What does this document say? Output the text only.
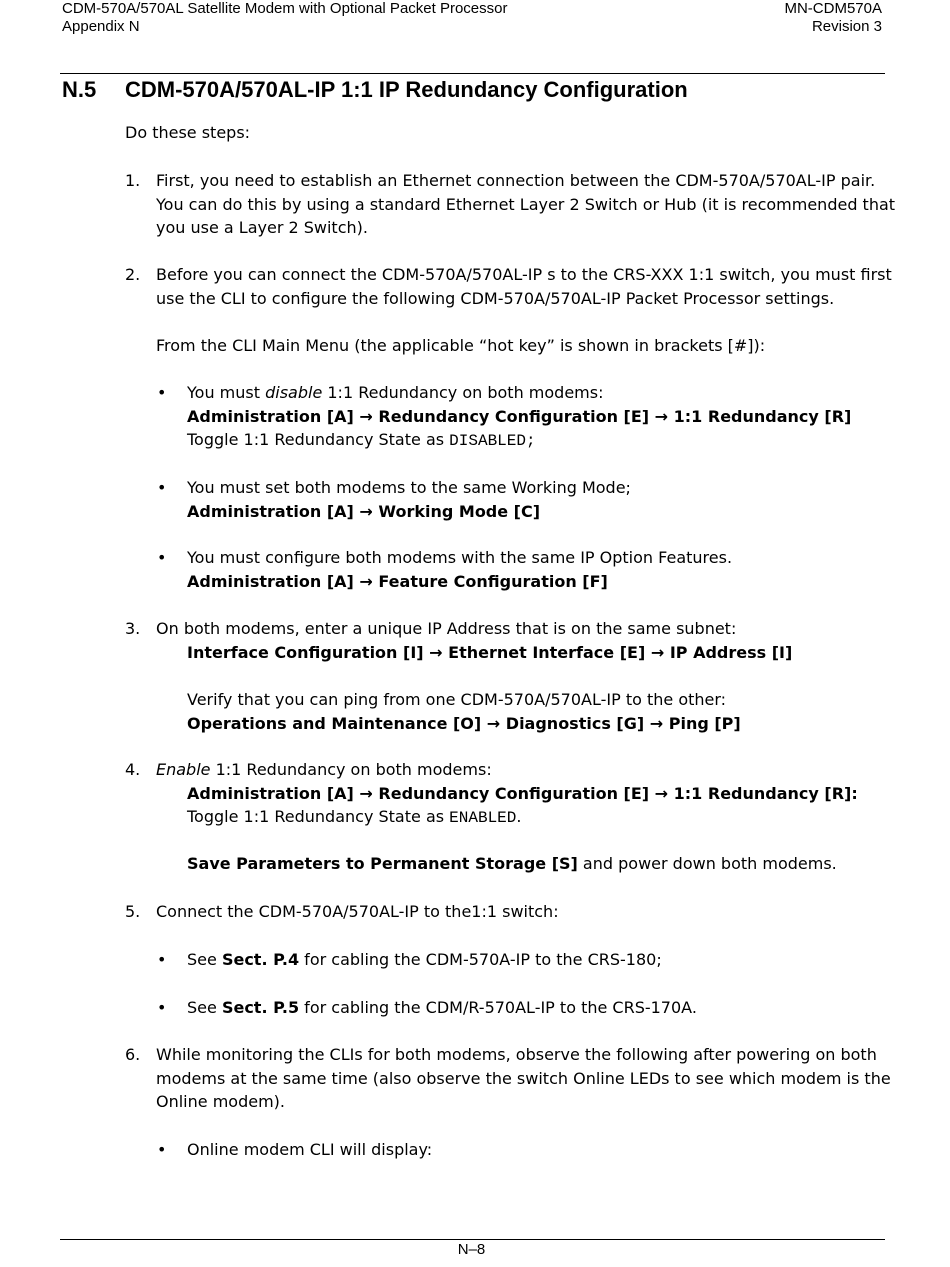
CDM-570A/570AL Satellite Modem with Optional Packet Processor
Appendix N
MN-CDM570A
Revision 3
N.5 CDM-570A/570AL-IP 1:1 IP Redundancy Configuration
Do these steps:
1. First, you need to establish an Ethernet connection between the CDM-570A/570AL-IP pair.
You can do this by using a standard Ethernet Layer 2 Switch or Hub (it is recommended that
you use a Layer 2 Switch).
2. Before you can connect the CDM-570A/570AL-IP s to the CRS-XXX 1:1 switch, you must first
use the CLI to configure the following CDM-570A/570AL-IP Packet Processor settings.
From the CLI Main Menu (the applicable “hot key” is shown in brackets [#]):
• You must disable 1:1 Redundancy on both modems:
Administration [A] → Redundancy Configuration [E] → 1:1 Redundancy [R]
Toggle 1:1 Redundancy State as DISABLED;
• You must set both modems to the same Working Mode;
Administration [A] → Working Mode [C]
• You must configure both modems with the same IP Option Features.
Administration [A] → Feature Configuration [F]
3. On both modems, enter a unique IP Address that is on the same subnet:
Interface Configuration [I] → Ethernet Interface [E] → IP Address [I]
Verify that you can ping from one CDM-570A/570AL-IP to the other:
Operations and Maintenance [O] → Diagnostics [G] → Ping [P]
4. Enable 1:1 Redundancy on both modems:
Administration [A] → Redundancy Configuration [E] → 1:1 Redundancy [R]:
Toggle 1:1 Redundancy State as ENABLED.
Save Parameters to Permanent Storage [S] and power down both modems.
5. Connect the CDM-570A/570AL-IP to the1:1 switch:
• See Sect. P.4 for cabling the CDM-570A-IP to the CRS-180;
• See Sect. P.5 for cabling the CDM/R-570AL-IP to the CRS-170A.
6. While monitoring the CLIs for both modems, observe the following after powering on both
modems at the same time (also observe the switch Online LEDs to see which modem is the
Online modem).
• Online modem CLI will display:
N–8
